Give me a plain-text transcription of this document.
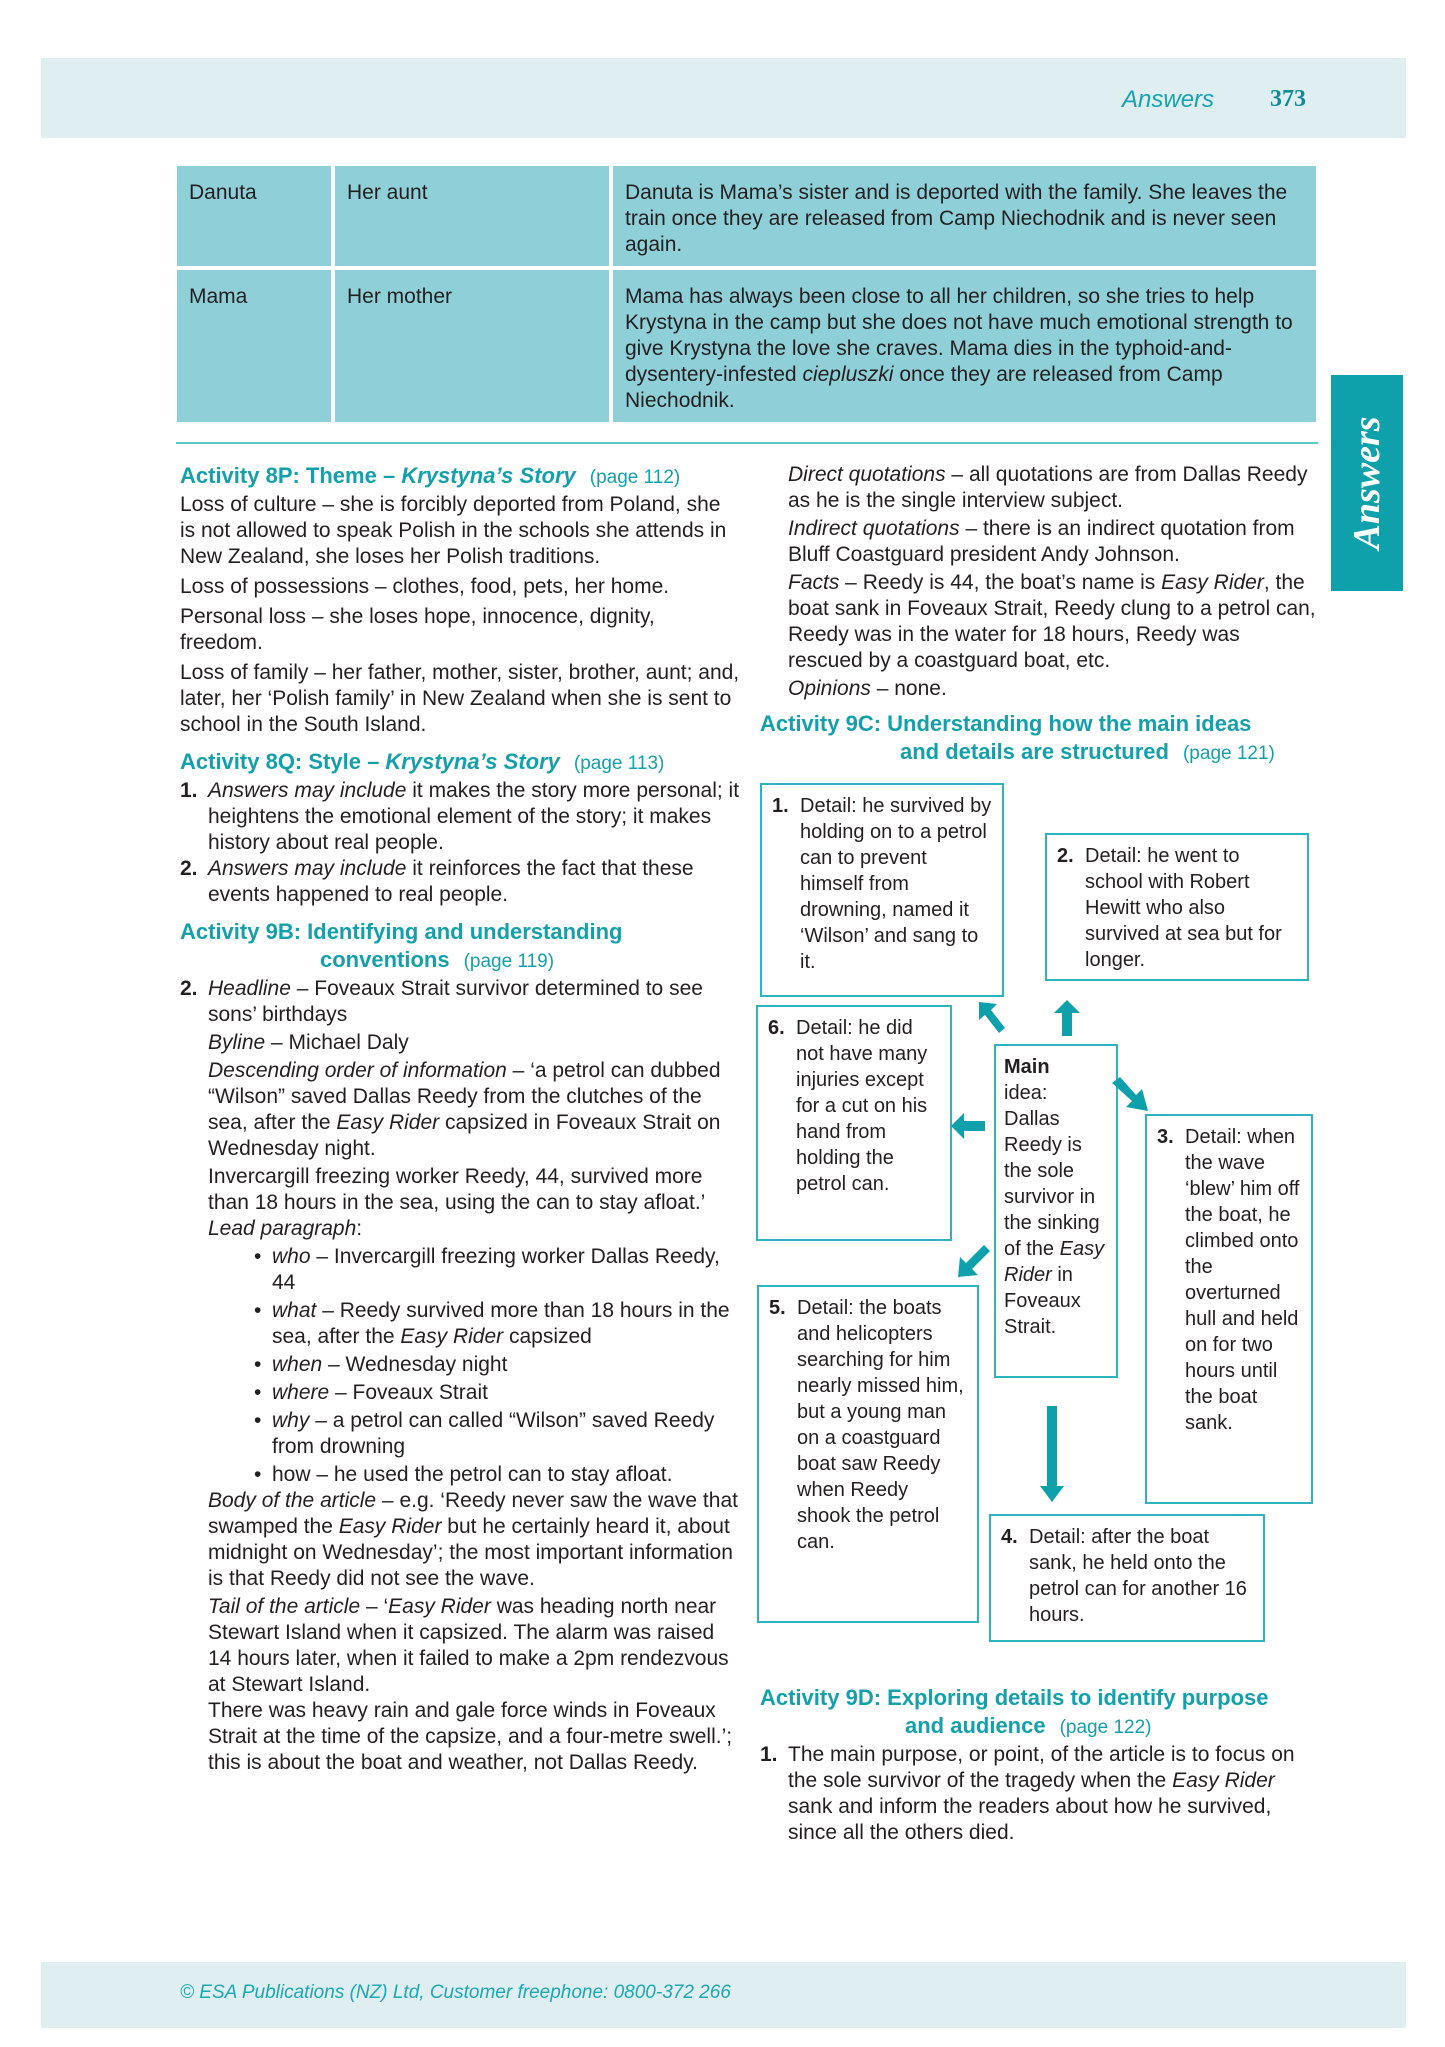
Answers 373
Answers
Danuta	Her aunt	Danuta is Mama’s sister and is deported with the family. She leaves the train once they are released from Camp Niechodnik and is never seen again.
Mama	Her mother	Mama has always been close to all her children, so she tries to help Krystyna in the camp but she does not have much emotional strength to give Krystyna the love she craves. Mama dies in the typhoid-and-dysentery-infested ciepluszki once they are released from Camp Niechodnik.

Activity 8P: Theme – Krystyna’s Story (page 112)

Loss of culture – she is forcibly deported from Poland, she is not allowed to speak Polish in the schools she attends in New Zealand, she loses her Polish traditions.

Loss of possessions – clothes, food, pets, her home.

Personal loss – she loses hope, innocence, dignity, freedom.

Loss of family – her father, mother, sister, brother, aunt; and, later, her ‘Polish family’ in New Zealand when she is sent to school in the South Island.

Activity 8Q: Style – Krystyna’s Story (page 113)

1. Answers may include it makes the story more personal; it heightens the emotional element of the story; it makes history about real people.

2. Answers may include it reinforces the fact that these events happened to real people.

Activity 9B: Identifying and understanding

conventions (page 119)

2. Headline – Foveaux Strait survivor determined to see sons’ birthdays

Byline – Michael Daly

Descending order of information – ‘a petrol can dubbed “Wilson” saved Dallas Reedy from the clutches of the sea, after the Easy Rider capsized in Foveaux Strait on Wednesday night.

Invercargill freezing worker Reedy, 44, survived more than 18 hours in the sea, using the can to stay afloat.’

Lead paragraph:

• who – Invercargill freezing worker Dallas Reedy, 44

• what – Reedy survived more than 18 hours in the sea, after the Easy Rider capsized

• when – Wednesday night

• where – Foveaux Strait

• why – a petrol can called “Wilson” saved Reedy from drowning

• how – he used the petrol can to stay afloat.

Body of the article – e.g. ‘Reedy never saw the wave that swamped the Easy Rider but he certainly heard it, about midnight on Wednesday’; the most important information is that Reedy did not see the wave.

Tail of the article – ‘Easy Rider was heading north near Stewart Island when it capsized. The alarm was raised 14 hours later, when it failed to make a 2pm rendezvous at Stewart Island.

There was heavy rain and gale force winds in Foveaux Strait at the time of the capsize, and a four-metre swell.’; this is about the boat and weather, not Dallas Reedy.

Direct quotations – all quotations are from Dallas Reedy as he is the single interview subject.

Indirect quotations – there is an indirect quotation from Bluff Coastguard president Andy Johnson.

Facts – Reedy is 44, the boat’s name is Easy Rider, the boat sank in Foveaux Strait, Reedy clung to a petrol can, Reedy was in the water for 18 hours, Reedy was rescued by a coastguard boat, etc.

Opinions – none.

Activity 9C: Understanding how the main ideas

and details are structured (page 121)

1. Detail: he survived by holding on to a petrol can to prevent himself from drowning, named it ‘Wilson’ and sang to it.
2. Detail: he went to school with Robert Hewitt who also survived at sea but for longer.
6. Detail: he did not have many injuries except for a cut on his hand from holding the petrol can.
Main
idea: Dallas Reedy is the sole survivor in the sinking of the Easy Rider in Foveaux Strait.
3. Detail: when the wave ‘blew’ him off the boat, he climbed onto the overturned hull and held on for two hours until the boat sank.
5. Detail: the boats and helicopters searching for him nearly missed him, but a young man on a coastguard boat saw Reedy when Reedy shook the petrol can.	4. Detail: after the boat sank, he held onto the petrol can for another 16 hours.

Activity 9D: Exploring details to identify purpose

and audience (page 122)

1. The main purpose, or point, of the article is to focus on the sole survivor of the tragedy when the Easy Rider sank and inform the readers about how he survived, since all the others died.

© ESA Publications (NZ) Ltd, Customer freephone: 0800-372 266
